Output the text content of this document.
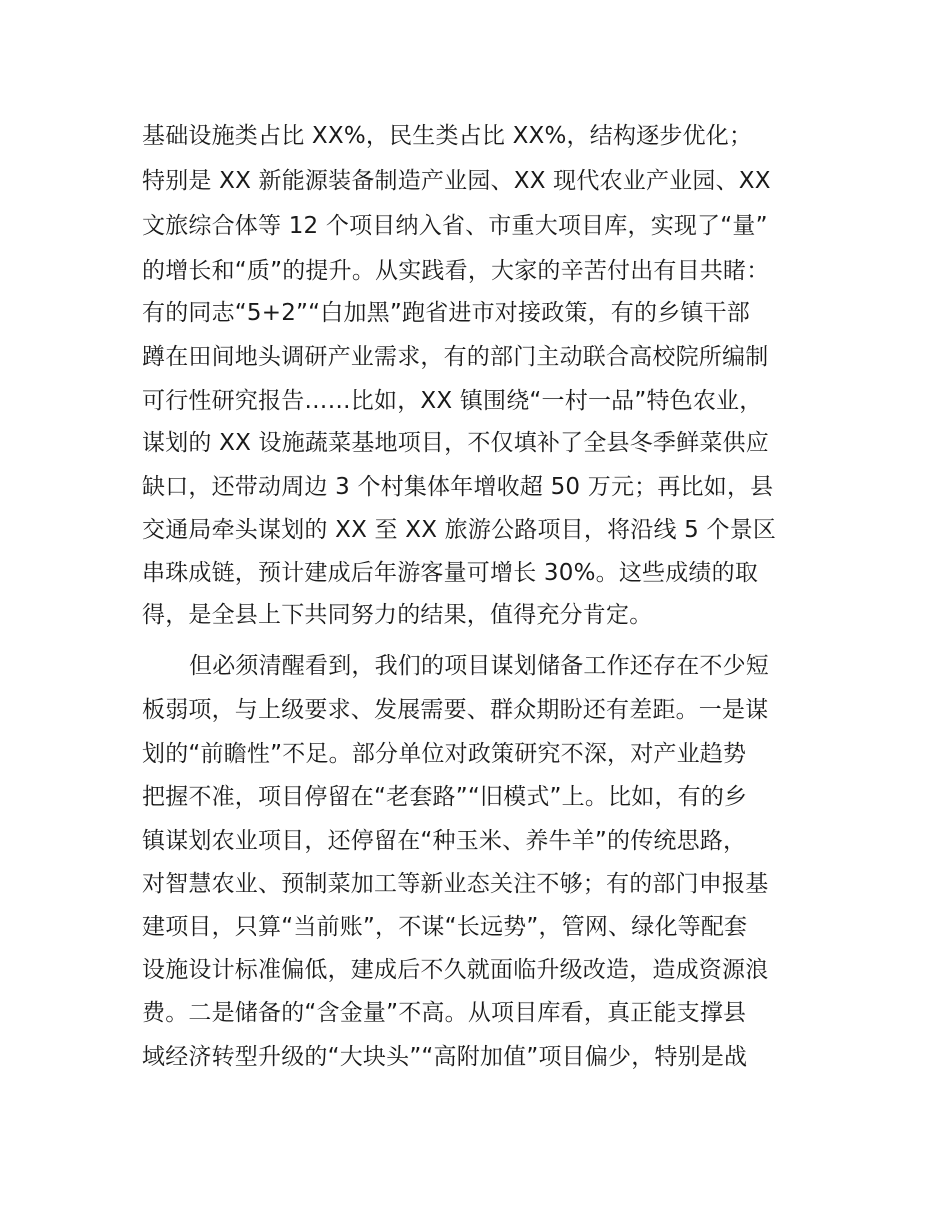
基础设施类占比 XX%，民生类占比 XX%，结构逐步优化；
特别是 XX 新能源装备制造产业园、XX 现代农业产业园、XX
文旅综合体等 12 个项目纳入省、市重大项目库，实现了“量”
的增长和“质”的提升。从实践看，大家的辛苦付出有目共睹：
有的同志“5+2”“白加黑”跑省进市对接政策，有的乡镇干部
蹲在田间地头调研产业需求，有的部门主动联合高校院所编制
可行性研究报告……比如，XX 镇围绕“一村一品”特色农业，
谋划的 XX 设施蔬菜基地项目，不仅填补了全县冬季鲜菜供应
缺口，还带动周边 3 个村集体年增收超 50 万元；再比如，县
交通局牵头谋划的 XX 至 XX 旅游公路项目，将沿线 5 个景区
串珠成链，预计建成后年游客量可增长 30%。这些成绩的取
得，是全县上下共同努力的结果，值得充分肯定。
但必须清醒看到，我们的项目谋划储备工作还存在不少短
板弱项，与上级要求、发展需要、群众期盼还有差距。一是谋
划的“前瞻性”不足。部分单位对政策研究不深，对产业趋势
把握不准，项目停留在“老套路”“旧模式”上。比如，有的乡
镇谋划农业项目，还停留在“种玉米、养牛羊”的传统思路，
对智慧农业、预制菜加工等新业态关注不够；有的部门申报基
建项目，只算“当前账”，不谋“长远势”，管网、绿化等配套
设施设计标准偏低，建成后不久就面临升级改造，造成资源浪
费。二是储备的“含金量”不高。从项目库看，真正能支撑县
域经济转型升级的“大块头”“高附加值”项目偏少，特别是战
